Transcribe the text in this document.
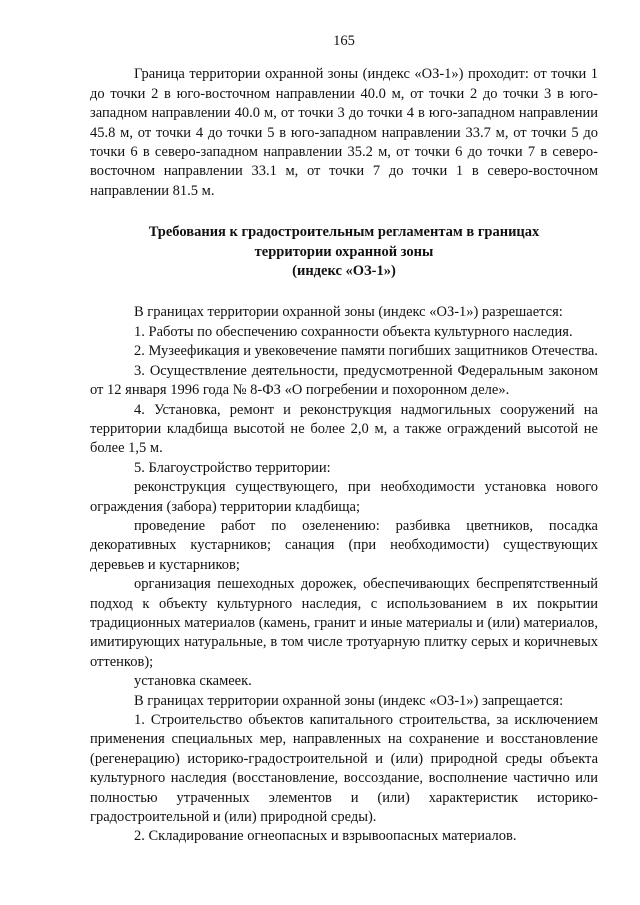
165

Граница территории охранной зоны (индекс «ОЗ-1») проходит: от точки 1 до точки 2 в юго-восточном направлении 40.0 м, от точки 2 до точки 3 в юго-западном направлении 40.0 м, от точки 3 до точки 4 в юго-западном направлении 45.8 м, от точки 4 до точки 5 в юго-западном направлении 33.7 м, от точки 5 до точки 6 в северо-западном направлении 35.2 м, от точки 6 до точки 7 в северо-восточном направлении 33.1 м, от точки 7 до точки 1 в северо-восточном направлении 81.5 м.

Требования к градостроительным регламентам в границах
территории охранной зоны
(индекс «ОЗ-1»)

В границах территории охранной зоны (индекс «ОЗ-1») разрешается:

1. Работы по обеспечению сохранности объекта культурного наследия.

2. Музеефикация и увековечение памяти погибших защитников Отечества.

3. Осуществление деятельности, предусмотренной Федеральным законом от 12 января 1996 года № 8-ФЗ «О погребении и похоронном деле».

4. Установка, ремонт и реконструкция надмогильных сооружений на территории кладбища высотой не более 2,0 м, а также ограждений высотой не более 1,5 м.

5. Благоустройство территории:

реконструкция существующего, при необходимости установка нового ограждения (забора) территории кладбища;

проведение работ по озеленению: разбивка цветников, посадка декоративных кустарников; санация (при необходимости) существующих деревьев и кустарников;

организация пешеходных дорожек, обеспечивающих беспрепятственный подход к объекту культурного наследия, с использованием в их покрытии традиционных материалов (камень, гранит и иные материалы и (или) материалов, имитирующих натуральные, в том числе тротуарную плитку серых и коричневых оттенков);

установка скамеек.

В границах территории охранной зоны (индекс «ОЗ-1») запрещается:

1. Строительство объектов капитального строительства, за исключением применения специальных мер, направленных на сохранение и восстановление (регенерацию) историко-градостроительной и (или) природной среды объекта культурного наследия (восстановление, воссоздание, восполнение частично или полностью утраченных элементов и (или) характеристик историко-градостроительной и (или) природной среды).

2. Складирование огнеопасных и взрывоопасных материалов.
